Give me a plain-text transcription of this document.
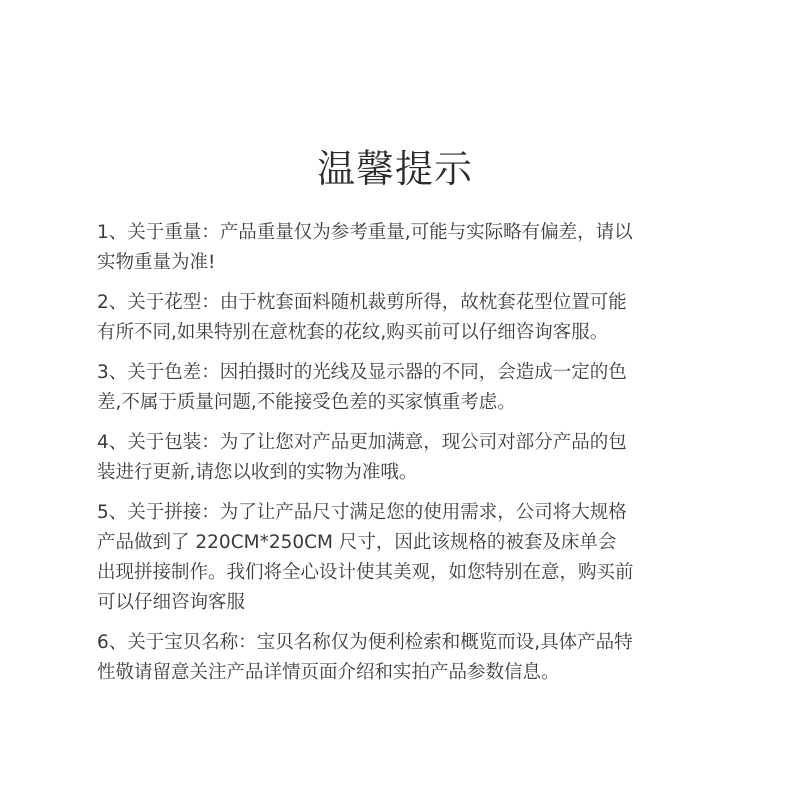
温馨提示
1、关于重量：产品重量仅为参考重量,可能与实际略有偏差，请以
实物重量为准!
2、关于花型：由于枕套面料随机裁剪所得，故枕套花型位置可能
有所不同,如果特别在意枕套的花纹,购买前可以仔细咨询客服。
3、关于色差：因拍摄时的光线及显示器的不同，会造成一定的色
差,不属于质量问题,不能接受色差的买家慎重考虑。
4、关于包装：为了让您对产品更加满意，现公司对部分产品的包
装进行更新,请您以收到的实物为准哦。
5、关于拼接：为了让产品尺寸满足您的使用需求，公司将大规格
产品做到了 220CM*250CM 尺寸，因此该规格的被套及床单会
出现拼接制作。我们将全心设计使其美观，如您特别在意，购买前
可以仔细咨询客服
6、关于宝贝名称：宝贝名称仅为便利检索和概览而设,具体产品特
性敬请留意关注产品详情页面介绍和实拍产品参数信息。
